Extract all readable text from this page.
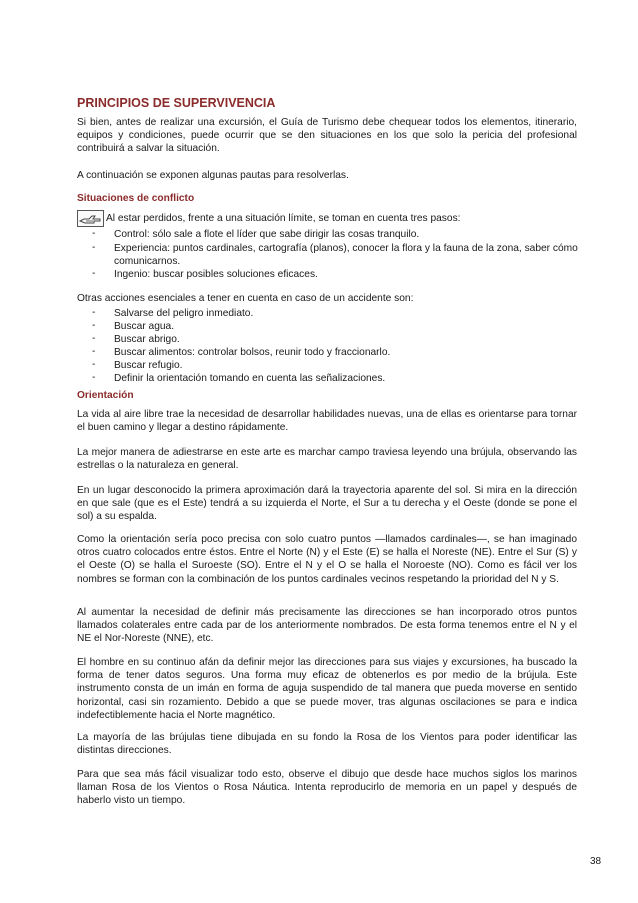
PRINCIPIOS DE SUPERVIVENCIA
Si bien, antes de realizar una excursión, el Guía de Turismo debe chequear todos los elementos, itinerario, equipos y condiciones, puede ocurrir que se den situaciones en los que solo la pericia del profesional contribuirá a salvar la situación.
A continuación se exponen algunas pautas para resolverlas.
Situaciones de conflicto
Al estar perdidos, frente a una situación límite, se toman en cuenta tres pasos:
- Control: sólo sale a flote el líder que sabe dirigir las cosas tranquilo.
- Experiencia: puntos cardinales, cartografía (planos), conocer la flora y la fauna de la zona, saber cómo comunicarnos.
- Ingenio: buscar posibles soluciones eficaces.
Otras acciones esenciales a tener en cuenta en caso de un accidente son:
- Salvarse del peligro inmediato.
- Buscar agua.
- Buscar abrigo.
- Buscar alimentos: controlar bolsos, reunir todo y fraccionarlo.
- Buscar refugio.
- Definir la orientación tomando en cuenta las señalizaciones.
Orientación
La vida al aire libre trae la necesidad de desarrollar habilidades nuevas, una de ellas es orientarse para tornar el buen camino y llegar a destino rápidamente.
La mejor manera de adiestrarse en este arte es marchar campo traviesa leyendo una brújula, observando las estrellas o la naturaleza en general.
En un lugar desconocido la primera aproximación dará la trayectoria aparente del sol. Si mira en la dirección en que sale (que es el Este) tendrá a su izquierda el Norte, el Sur a tu derecha y el Oeste (donde se pone el sol) a su espalda.
Como la orientación sería poco precisa con solo cuatro puntos —llamados cardinales—, se han imaginado otros cuatro colocados entre éstos. Entre el Norte (N) y el Este (E) se halla el Noreste (NE). Entre el Sur (S) y el Oeste (O) se halla el Suroeste (SO). Entre el N y el O se halla el Noroeste (NO). Como es fácil ver los nombres se forman con la combinación de los puntos cardinales vecinos respetando la prioridad del N y S.
Al aumentar la necesidad de definir más precisamente las direcciones se han incorporado otros puntos llamados colaterales entre cada par de los anteriormente nombrados. De esta forma tenemos entre el N y el NE el Nor-Noreste (NNE), etc.
El hombre en su continuo afán da definir mejor las direcciones para sus viajes y excursiones, ha buscado la forma de tener datos seguros. Una forma muy eficaz de obtenerlos es por medio de la brújula. Este instrumento consta de un imán en forma de aguja suspendido de tal manera que pueda moverse en sentido horizontal, casi sin rozamiento. Debido a que se puede mover, tras algunas oscilaciones se para e indica indefectiblemente hacia el Norte magnético.
La mayoría de las brújulas tiene dibujada en su fondo la Rosa de los Vientos para poder identificar las distintas direcciones.
Para que sea más fácil visualizar todo esto, observe el dibujo que desde hace muchos siglos los marinos llaman Rosa de los Vientos o Rosa Náutica. Intenta reproducirlo de memoria en un papel y después de haberlo visto un tiempo.
38
